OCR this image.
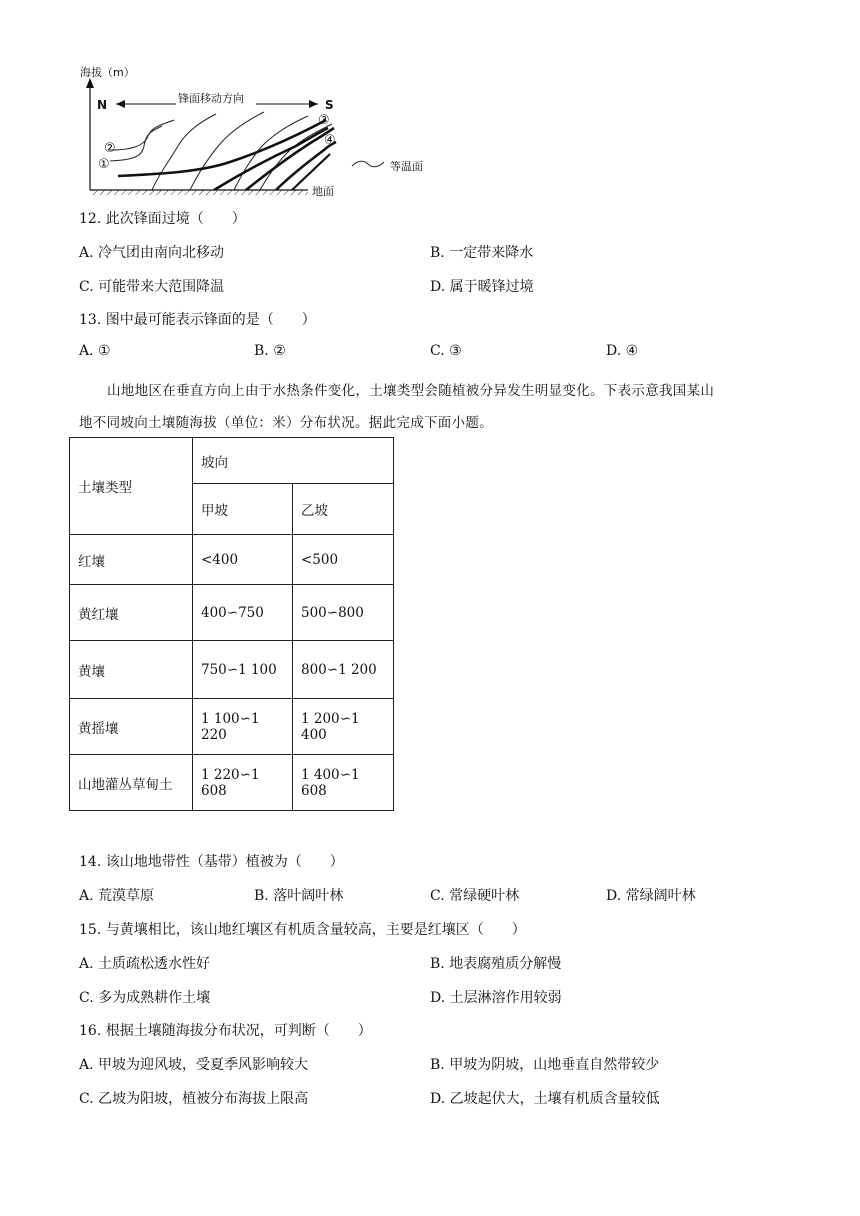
海拔（m）
地面
N	锋面移动方向	S
①
②
③
④
等温面
12. 此次锋面过境（　　）
A. 冷气团由南向北移动	B. 一定带来降水
C. 可能带来大范围降温	D. 属于暖锋过境
13. 图中最可能表示锋面的是（　　）
A. ①	B. ②	C. ③	D. ④
山地地区在垂直方向上由于水热条件变化，土壤类型会随植被分异发生明显变化。下表示意我国某山
地不同坡向土壤随海拔（单位：米）分布状况。据此完成下面小题。
土壤类型	坡向	
	甲坡	乙坡
红壤	<400	<500
黄红壤	400∽750	500∽800
黄壤	750∽1 100	800∽1 200
黄摇壤	1 100∽1 220	1 200∽1 400
山地灌丛草甸土	1 220∽1 608	1 400∽1 608
14. 该山地地带性（基带）植被为（　　）
A. 荒漠草原	B. 落叶阔叶林	C. 常绿硬叶林	D. 常绿阔叶林
15. 与黄壤相比，该山地红壤区有机质含量较高，主要是红壤区（　　）
A. 土质疏松透水性好	B. 地表腐殖质分解慢
C. 多为成熟耕作土壤	D. 土层淋溶作用较弱
16. 根据土壤随海拔分布状况，可判断（　　）
A. 甲坡为迎风坡，受夏季风影响较大	B. 甲坡为阴坡，山地垂直自然带较少
C. 乙坡为阳坡，植被分布海拔上限高	D. 乙坡起伏大，土壤有机质含量较低
